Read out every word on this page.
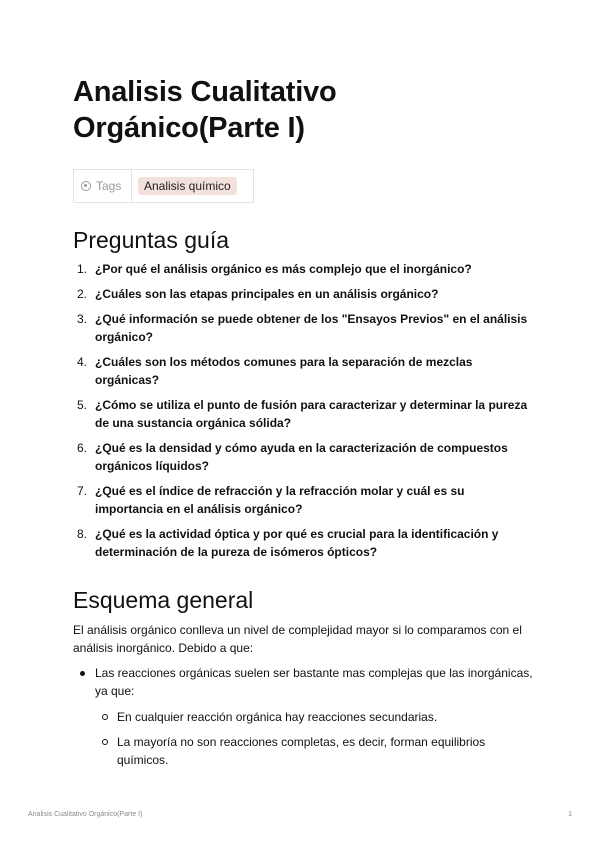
Analisis Cualitativo Orgánico(Parte I)
Tags	Analisis químico
Preguntas guía
1. ¿Por qué el análisis orgánico es más complejo que el inorgánico?
2. ¿Cuáles son las etapas principales en un análisis orgánico?
3. ¿Qué información se puede obtener de los "Ensayos Previos" en el análisis orgánico?
4. ¿Cuáles son los métodos comunes para la separación de mezclas orgánicas?
5. ¿Cómo se utiliza el punto de fusión para caracterizar y determinar la pureza de una sustancia orgánica sólida?
6. ¿Qué es la densidad y cómo ayuda en la caracterización de compuestos orgánicos líquidos?
7. ¿Qué es el índice de refracción y la refracción molar y cuál es su importancia en el análisis orgánico?
8. ¿Qué es la actividad óptica y por qué es crucial para la identificación y determinación de la pureza de isómeros ópticos?
Esquema general

El análisis orgánico conlleva un nivel de complejidad mayor si lo comparamos con el análisis inorgánico. Debido a que:

Las reacciones orgánicas suelen ser bastante mas complejas que las inorgánicas, ya que:
En cualquier reacción orgánica hay reacciones secundarias.
La mayoría no son reacciones completas, es decir, forman equilibrios químicos.
Analisis Cualitativo Orgánico(Parte I)	1
